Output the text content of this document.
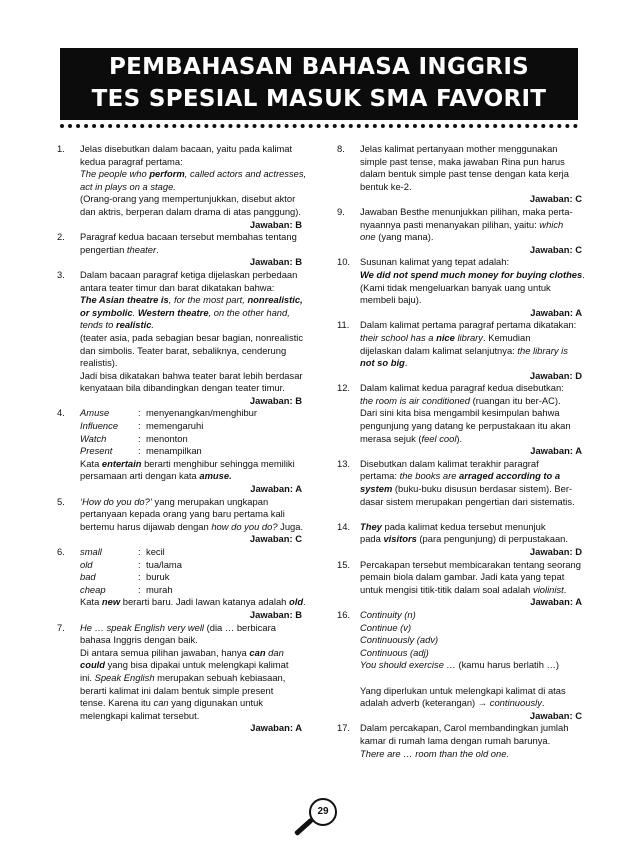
PEMBAHASAN BAHASA INGGRIS
TES SPESIAL MASUK SMA FAVORIT
1. Jelas disebutkan dalam bacaan, yaitu pada kalimat
kedua paragraf pertama:
The people who perform, called actors and actresses,
act in plays on a stage.
(Orang-orang yang mempertunjukkan, disebut aktor
dan aktris, berperan dalam drama di atas panggung).
Jawaban: B
2. Paragraf kedua bacaan tersebut membahas tentang
pengertian theater.
Jawaban: B
3. Dalam bacaan paragraf ketiga dijelaskan perbedaan
antara teater timur dan barat dikatakan bahwa:
The Asian theatre is, for the most part, nonrealistic,
or symbolic. Western theatre, on the other hand,
tends to realistic.
(teater asia, pada sebagian besar bagian, nonrealistic
dan simbolis. Teater barat, sebaliknya, cenderung
realistis).
Jadi bisa dikatakan bahwa teater barat lebih berdasar
kenyataan bila dibandingkan dengan teater timur.
Jawaban: B
4. Amuse	: menyenangkan/menghibur
Influence	: memengaruhi
Watch	: menonton
Present	: menampilkan
Kata entertain berarti menghibur sehingga memiliki
persamaan arti dengan kata amuse.
Jawaban: A
5. ‘How do you do?’ yang merupakan ungkapan
pertanyaan kepada orang yang baru pertama kali
bertemu harus dijawab dengan how do you do? Juga.
Jawaban: C
6. small	: kecil
old	: tua/lama
bad	: buruk
cheap	: murah
Kata new berarti baru. Jadi lawan katanya adalah old.
Jawaban: B
7. He … speak English very well (dia … berbicara
bahasa Inggris dengan baik.
Di antara semua pilihan jawaban, hanya can dan
could yang bisa dipakai untuk melengkapi kalimat
ini. Speak English merupakan sebuah kebiasaan,
berarti kalimat ini dalam bentuk simple present
tense. Karena itu can yang digunakan untuk
melengkapi kalimat tersebut.
Jawaban: A
8. Jelas kalimat pertanyaan mother menggunakan
simple past tense, maka jawaban Rina pun harus
dalam bentuk simple past tense dengan kata kerja
bentuk ke-2.
Jawaban: C
9. Jawaban Besthe menunjukkan pilihan, maka perta-
nyaannya pasti menanyakan pilihan, yaitu: which
one (yang mana).
Jawaban: C
10. Susunan kalimat yang tepat adalah:
We did not spend much money for buying clothes.
(Kami tidak mengeluarkan banyak uang untuk
membeli baju).
Jawaban: A
11. Dalam kalimat pertama paragraf pertama dikatakan:
their school has a nice library. Kemudian
dijelaskan dalam kalimat selanjutnya: the library is
not so big.
Jawaban: D
12. Dalam kalimat kedua paragraf kedua disebutkan:
the room is air conditioned (ruangan itu ber-AC).
Dari sini kita bisa mengambil kesimpulan bahwa
pengunjung yang datang ke perpustakaan itu akan
merasa sejuk (feel cool).
Jawaban: A
13. Disebutkan dalam kalimat terakhir paragraf
pertama: the books are arraged according to a
system (buku-buku disusun berdasar sistem). Ber-
dasar sistem merupakan pengertian dari sistematis.
14. They pada kalimat kedua tersebut menunjuk
pada visitors (para pengunjung) di perpustakaan.
Jawaban: D
15. Percakapan tersebut membicarakan tentang seorang
pemain biola dalam gambar. Jadi kata yang tepat
untuk mengisi titik-titik dalam soal adalah violinist.
Jawaban: A
16. Continuity (n)
Continue (v)
Continuously (adv)
Continuous (adj)
You should exercise … (kamu harus berlatih …)

Yang diperlukan untuk melengkapi kalimat di atas
adalah adverb (keterangan) → continuously.
Jawaban: C
17. Dalam percakapan, Carol membandingkan jumlah
kamar di rumah lama dengan rumah barunya.
There are … room than the old one.
29
